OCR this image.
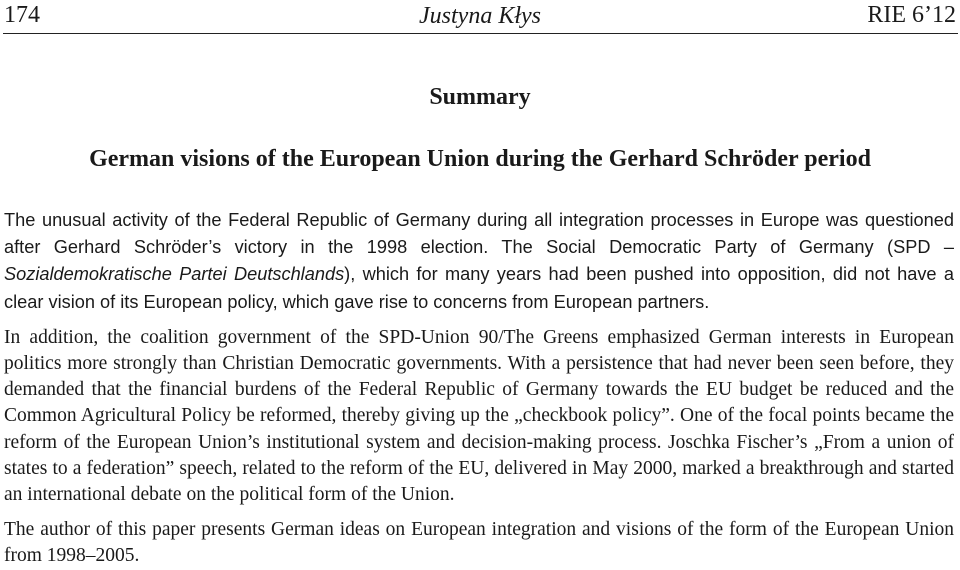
174	Justyna Kłys	RIE 6’12
Summary
German visions of the European Union during the Gerhard Schröder period

The unusual activity of the Federal Republic of Germany during all integration processes in Europe was questioned after Gerhard Schröder’s victory in the 1998 election. The Social Democratic Party of Germany (SPD – Sozialdemokratische Partei Deutschlands), which for many years had been pushed into opposition, did not have a clear vision of its European policy, which gave rise to concerns from European partners.

In addition, the coalition government of the SPD-Union 90/The Greens emphasized German interests in European politics more strongly than Christian Democratic governments. With a persistence that had never been seen before, they demanded that the financial burdens of the Federal Republic of Germany towards the EU budget be reduced and the Common Agricultural Policy be reformed, thereby giving up the „checkbook policy”. One of the focal points became the reform of the European Union’s institutional system and decision-making process. Joschka Fischer’s „From a union of states to a federation” speech, related to the reform of the EU, delivered in May 2000, marked a breakthrough and started an international debate on the political form of the Union.

The author of this paper presents German ideas on European integration and visions of the form of the European Union from 1998–2005.
